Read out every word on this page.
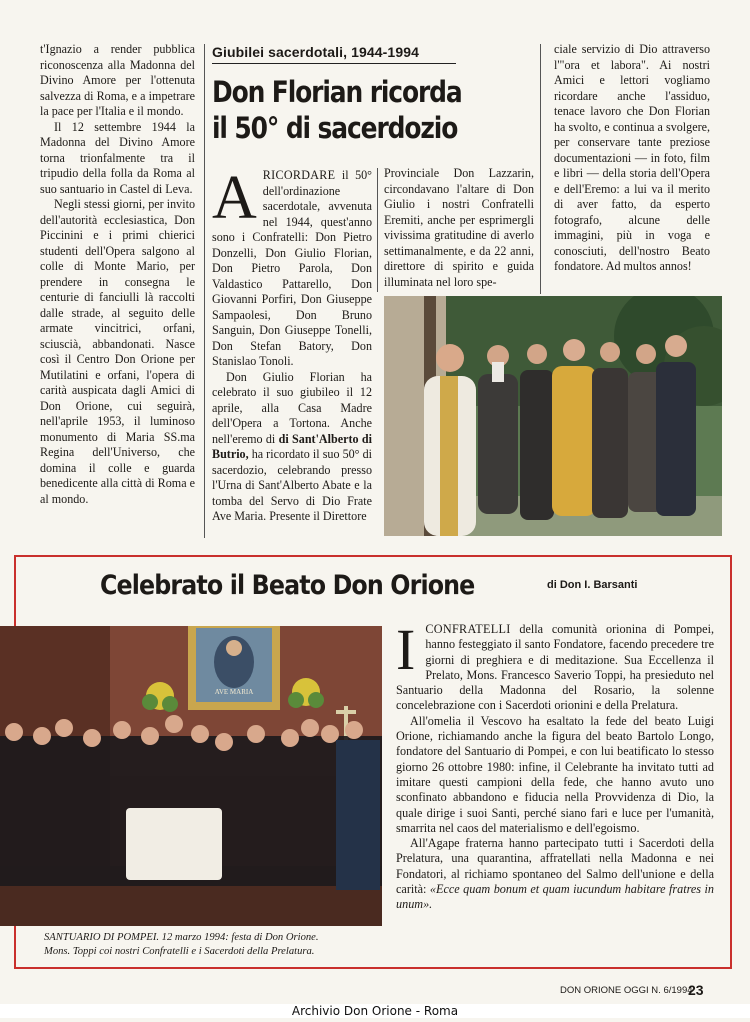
t'Ignazio a render pubblica riconoscenza alla Madonna del Divino Amore per l'ottenuta salvezza di Roma, e a impetrare la pace per l'Italia e il mondo.

Il 12 settembre 1944 la Madonna del Divino Amore torna trionfalmente tra il tripudio della folla da Roma al suo santuario in Castel di Leva.

Negli stessi giorni, per invito dell'autorità ecclesiastica, Don Piccinini e i primi chierici studenti dell'Opera salgono al colle di Monte Mario, per prendere in consegna le centurie di fanciulli là raccolti dalle strade, al seguito delle armate vincitrici, orfani, sciuscià, abbandonati. Nasce così il Centro Don Orione per Mutilatini e orfani, l'opera di carità auspicata dagli Amici di Don Orione, cui seguirà, nell'aprile 1953, il luminoso monumento di Maria SS.ma Regina dell'Universo, che domina il colle e guarda benedicente alla città di Roma e al mondo.

Giubilei sacerdotali, 1944-1994
Don Florian ricorda
il 50° di sacerdozio

ARICORDARE il 50° dell'ordinazione sacerdotale, avvenuta nel 1944, quest'anno sono i Confratelli: Don Pietro Donzelli, Don Giulio Florian, Don Pietro Parola, Don Valdastico Pattarello, Don Giovanni Porfiri, Don Giuseppe Sampaolesi, Don Bruno Sanguin, Don Giuseppe Tonelli, Don Stefan Batory, Don Stanislao Tonoli.

Don Giulio Florian ha celebrato il suo giubileo il 12 aprile, alla Casa Madre dell'Opera a Tortona. Anche nell'eremo di di Sant'Alberto di Butrio, ha ricordato il suo 50° di sacerdozio, celebrando presso l'Urna di Sant'Alberto Abate e la tomba del Servo di Dio Frate Ave Maria. Presente il Direttore

Provinciale Don Lazzarin, circondavano l'altare di Don Giulio i nostri Confratelli Eremiti, anche per esprimergli vivissima gratitudine di averlo settimanalmente, e da 22 anni, direttore di spirito e guida illuminata nel loro spe-

ciale servizio di Dio attraverso l'"ora et labora". Ai nostri Amici e lettori vogliamo ricordare anche l'assiduo, tenace lavoro che Don Florian ha svolto, e continua a svolgere, per conservare tante preziose documentazioni — in foto, film e libri — della storia dell'Opera e dell'Eremo: a lui va il merito di aver fatto, da esperto fotografo, alcune delle immagini, più in voga e conosciuti, dell'nostro Beato fondatore. Ad multos annos!

Celebrato il Beato Don Orione	di Don I. Barsanti
AVE MARIA
SANTUARIO DI POMPEI. 12 marzo 1994: festa di Don Orione.
Mons. Toppi coi nostri Confratelli e i Sacerdoti della Prelatura.

ICONFRATELLI della comunità orionina di Pompei, hanno festeggiato il santo Fondatore, facendo precedere tre giorni di preghiera e di meditazione. Sua Eccellenza il Prelato, Mons. Francesco Saverio Toppi, ha presieduto nel Santuario della Madonna del Rosario, la solenne concelebrazione con i Sacerdoti orionini e della Prelatura.

All'omelia il Vescovo ha esaltato la fede del beato Luigi Orione, richiamando anche la figura del beato Bartolo Longo, fondatore del Santuario di Pompei, e con lui beatificato lo stesso giorno 26 ottobre 1980: infine, il Celebrante ha invitato tutti ad imitare questi campioni della fede, che hanno avuto uno sconfinato abbandono e fiducia nella Provvidenza di Dio, la quale dirige i suoi Santi, perché siano fari e luce per l'umanità, smarrita nel caos del materialismo e dell'egoismo.

All'Agape fraterna hanno partecipato tutti i Sacerdoti della Prelatura, una quarantina, affratellati nella Madonna e nei Fondatori, al richiamo spontaneo del Salmo dell'unione e della carità: «Ecce quam bonum et quam iucundum habitare fratres in unum».

DON ORIONE OGGI N. 6/1994
23
Archivio Don Orione - Roma
